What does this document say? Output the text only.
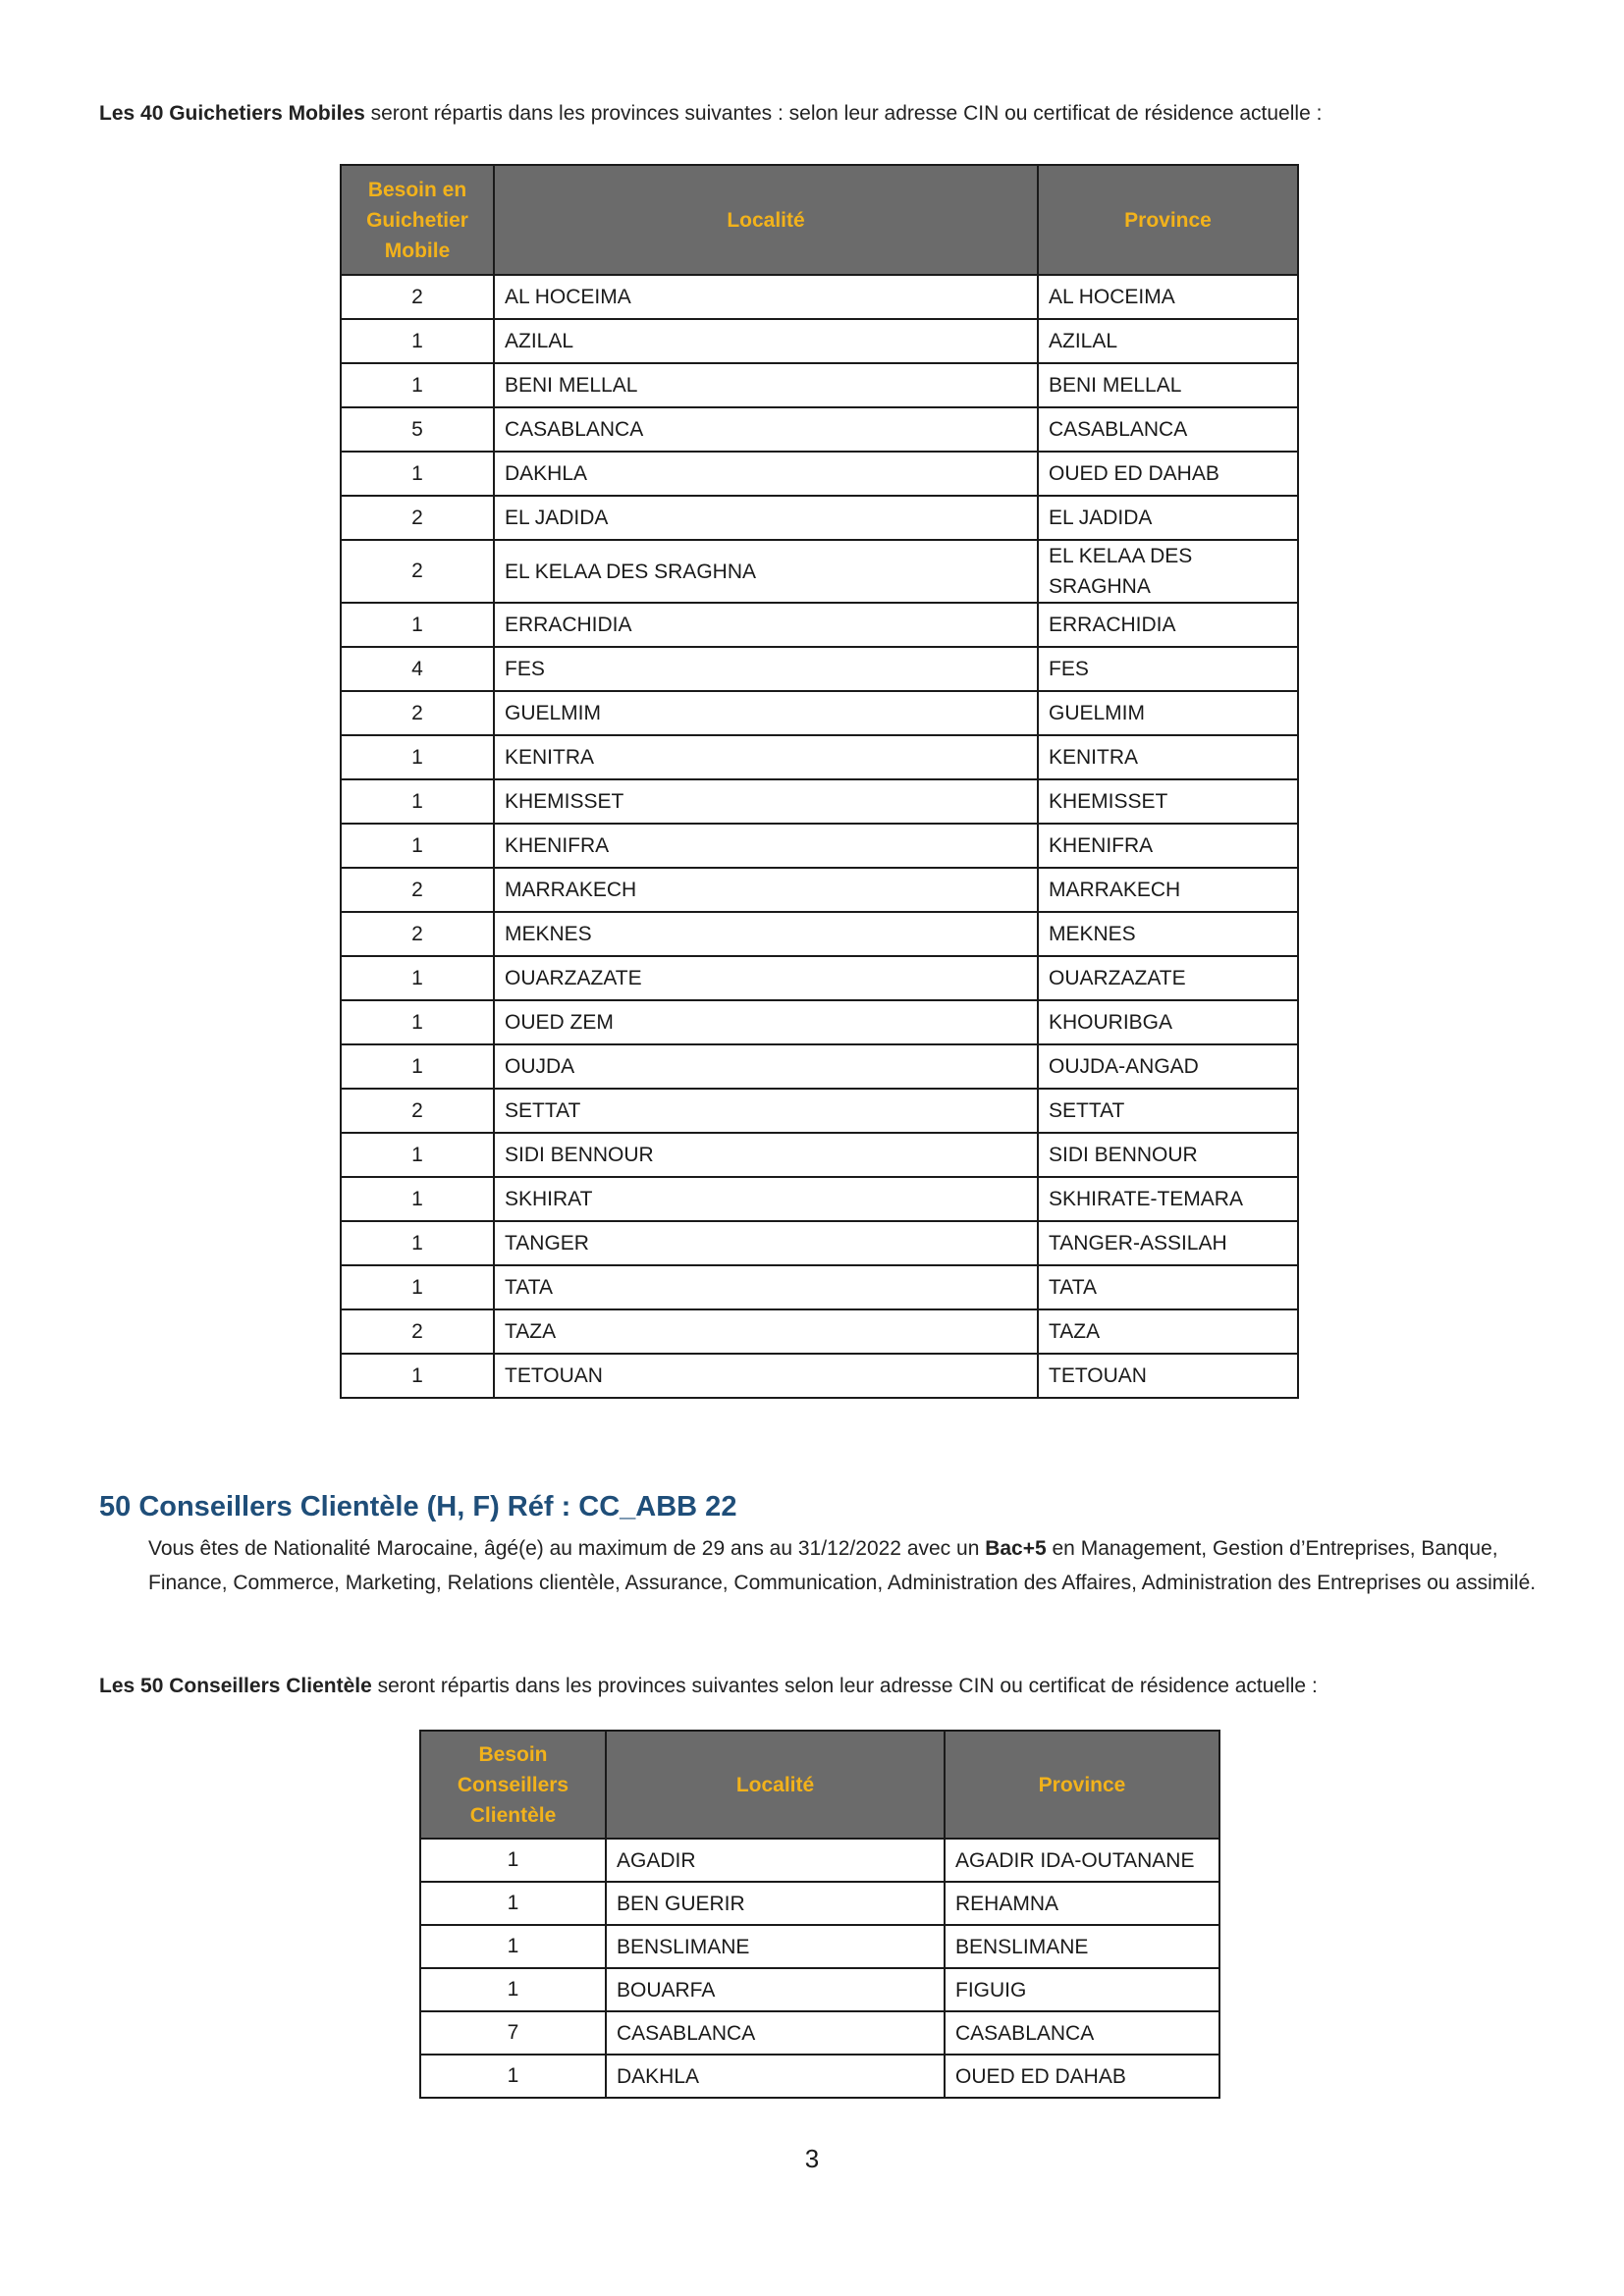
Les 40 Guichetiers Mobiles seront répartis dans les provinces suivantes : selon leur adresse CIN ou certificat de résidence actuelle :

Besoin en Guichetier Mobile	Localité	Province
2	AL HOCEIMA	AL HOCEIMA
1	AZILAL	AZILAL
1	BENI MELLAL	BENI MELLAL
5	CASABLANCA	CASABLANCA
1	DAKHLA	OUED ED DAHAB
2	EL JADIDA	EL JADIDA
2	EL KELAA DES SRAGHNA	EL KELAA DES SRAGHNA
1	ERRACHIDIA	ERRACHIDIA
4	FES	FES
2	GUELMIM	GUELMIM
1	KENITRA	KENITRA
1	KHEMISSET	KHEMISSET
1	KHENIFRA	KHENIFRA
2	MARRAKECH	MARRAKECH
2	MEKNES	MEKNES
1	OUARZAZATE	OUARZAZATE
1	OUED ZEM	KHOURIBGA
1	OUJDA	OUJDA-ANGAD
2	SETTAT	SETTAT
1	SIDI BENNOUR	SIDI BENNOUR
1	SKHIRAT	SKHIRATE-TEMARA
1	TANGER	TANGER-ASSILAH
1	TATA	TATA
2	TAZA	TAZA
1	TETOUAN	TETOUAN
50 Conseillers Clientèle (H, F) Réf : CC_ABB 22

Vous êtes de Nationalité Marocaine, âgé(e) au maximum de 29 ans au 31/12/2022 avec un Bac+5 en Management, Gestion d’Entreprises, Banque, Finance, Commerce, Marketing, Relations clientèle, Assurance, Communication, Administration des Affaires, Administration des Entreprises ou assimilé.

Les 50 Conseillers Clientèle seront répartis dans les provinces suivantes selon leur adresse CIN ou certificat de résidence actuelle :

Besoin Conseillers Clientèle	Localité	Province
1	AGADIR	AGADIR IDA-OUTANANE
1	BEN GUERIR	REHAMNA
1	BENSLIMANE	BENSLIMANE
1	BOUARFA	FIGUIG
7	CASABLANCA	CASABLANCA
1	DAKHLA	OUED ED DAHAB

3
